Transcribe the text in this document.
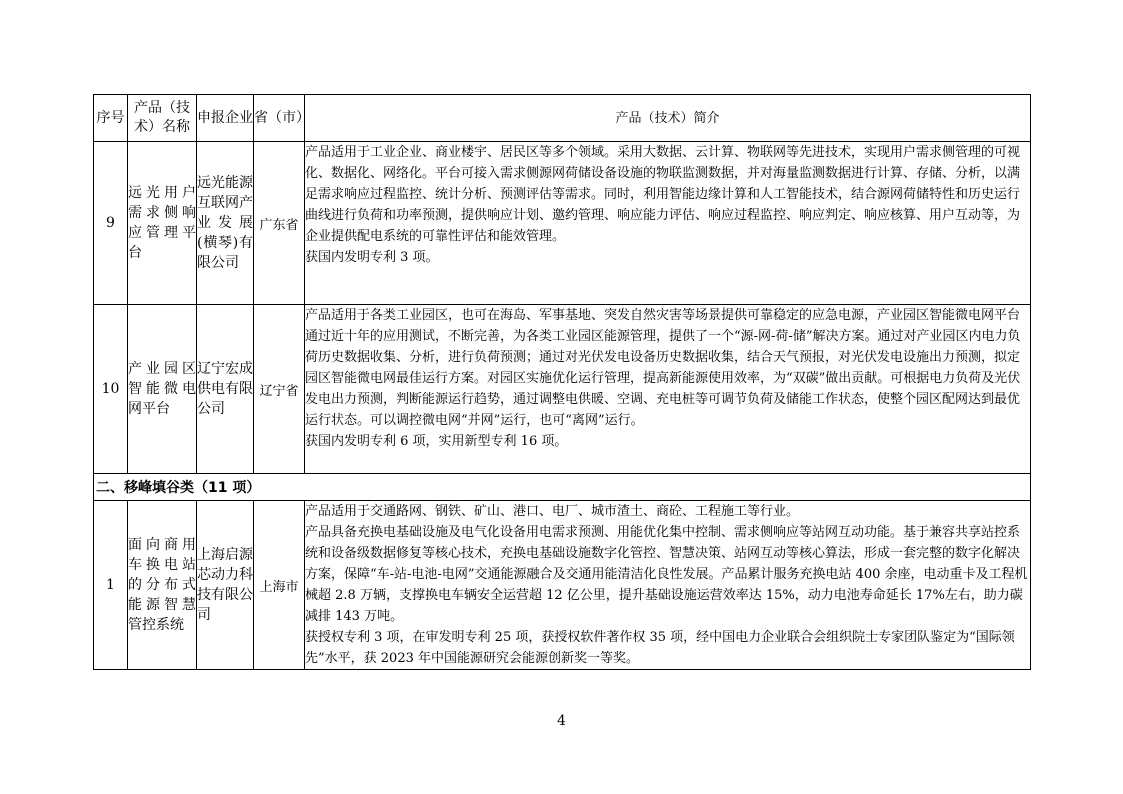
序号	产品（技术）名称	申报企业	省（市）	产品（技术）简介
9	远光用户需求侧响应管理平台	远光能源互联网产业发展(横琴)有限公司	广东省	产品适用于工业企业、商业楼宇、居民区等多个领域。采用大数据、云计算、物联网等先进技术，实现用户需求侧管理的可视化、数据化、网络化。平台可接入需求侧源网荷储设备设施的物联监测数据，并对海量监测数据进行计算、存储、分析，以满足需求响应过程监控、统计分析、预测评估等需求。同时，利用智能边缘计算和人工智能技术，结合源网荷储特性和历史运行曲线进行负荷和功率预测，提供响应计划、邀约管理、响应能力评估、响应过程监控、响应判定、响应核算、用户互动等，为企业提供配电系统的可靠性评估和能效管理。

获国内发明专利 3 项。

10	产业园区智能微电网平台	辽宁宏成供电有限公司	辽宁省	产品适用于各类工业园区，也可在海岛、军事基地、突发自然灾害等场景提供可靠稳定的应急电源，产业园区智能微电网平台通过近十年的应用测试，不断完善，为各类工业园区能源管理，提供了一个“源-网-荷-储”解决方案。通过对产业园区内电力负荷历史数据收集、分析，进行负荷预测；通过对光伏发电设备历史数据收集，结合天气预报，对光伏发电设施出力预测，拟定园区智能微电网最佳运行方案。对园区实施优化运行管理，提高新能源使用效率，为“双碳”做出贡献。可根据电力负荷及光伏发电出力预测，判断能源运行趋势，通过调整电供暖、空调、充电桩等可调节负荷及储能工作状态，使整个园区配网达到最优运行状态。可以调控微电网“并网”运行，也可“离网”运行。

获国内发明专利 6 项，实用新型专利 16 项。

二、移峰填谷类（11 项）				
1	面向商用车换电站的分布式能源智慧管控系统	上海启源芯动力科技有限公司	上海市	产品适用于交通路网、钢铁、矿山、港口、电厂、城市渣土、商砼、工程施工等行业。

产品具备充换电基础设施及电气化设备用电需求预测、用能优化集中控制、需求侧响应等站网互动功能。基于兼容共享站控系统和设备级数据修复等核心技术，充换电基础设施数字化管控、智慧决策、站网互动等核心算法，形成一套完整的数字化解决方案，保障“车-站-电池-电网”交通能源融合及交通用能清洁化良性发展。产品累计服务充换电站 400 余座，电动重卡及工程机械超 2.8 万辆，支撑换电车辆安全运营超 12 亿公里，提升基础设施运营效率达 15%，动力电池寿命延长 17%左右，助力碳减排 143 万吨。

获授权专利 3 项，在审发明专利 25 项，获授权软件著作权 35 项，经中国电力企业联合会组织院士专家团队鉴定为“国际领先”水平，获 2023 年中国能源研究会能源创新奖一等奖。

4
